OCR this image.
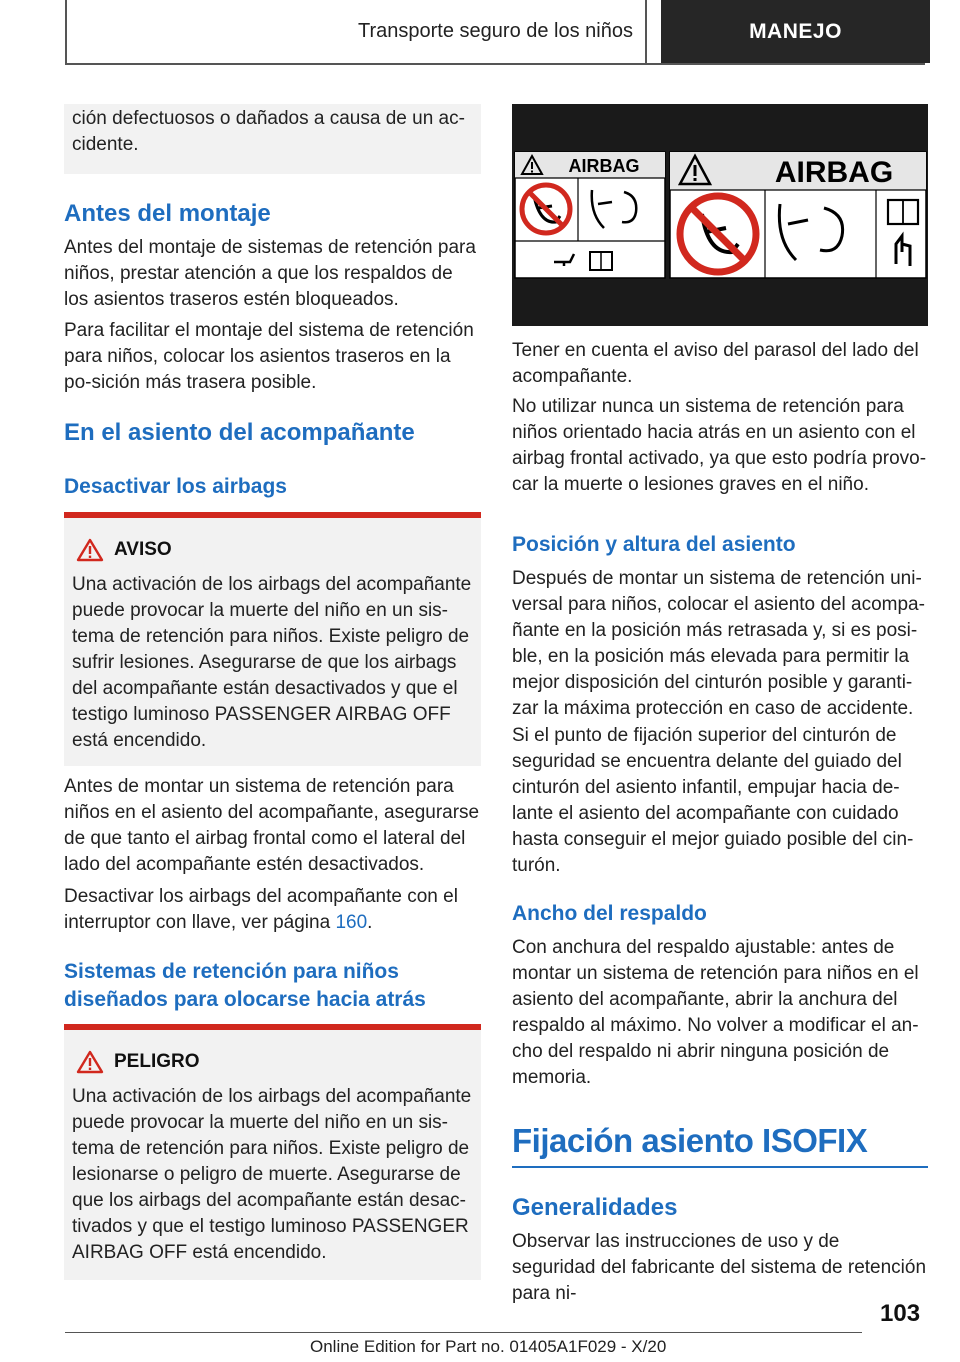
Transporte seguro de los niños	MANEJO

ción defectuosos o dañados a causa de un ac-
cidente.

Antes del montaje

Antes del montaje de sistemas de retención para niños, prestar atención a que los respaldos de los asientos traseros estén bloqueados.

Para facilitar el montaje del sistema de retención para niños, colocar los asientos traseros en la po-sición más trasera posible.

En el asiento del acompañante
Desactivar los airbags
AVISO

Una activación de los airbags del acompañante puede provocar la muerte del niño en un sis-tema de retención para niños. Existe peligro de sufrir lesiones. Asegurarse de que los airbags del acompañante están desactivados y que el testigo luminoso PASSENGER AIRBAG OFF está encendido.

Antes de montar un sistema de retención para niños en el asiento del acompañante, asegurarse de que tanto el airbag frontal como el lateral del lado del acompañante estén desactivados.

Desactivar los airbags del acompañante con el interruptor con llave, ver página 160.

Sistemas de retención para niños diseñados para olocarse hacia atrás
PELIGRO

Una activación de los airbags del acompañante puede provocar la muerte del niño en un sis-tema de retención para niños. Existe peligro de lesionarse o peligro de muerte. Asegurarse de que los airbags del acompañante están desac-tivados y que el testigo luminoso PASSENGER AIRBAG OFF está encendido.

AIRBAG	AIRBAG

Tener en cuenta el aviso del parasol del lado del acompañante.

No utilizar nunca un sistema de retención para niños orientado hacia atrás en un asiento con el airbag frontal activado, ya que esto podría provo-car la muerte o lesiones graves en el niño.

Posición y altura del asiento

Después de montar un sistema de retención uni-versal para niños, colocar el asiento del acompa-ñante en la posición más retrasada y, si es posi-ble, en la posición más elevada para permitir la mejor disposición del cinturón posible y garanti-zar la máxima protección en caso de accidente.

Si el punto de fijación superior del cinturón de seguridad se encuentra delante del guiado del cinturón del asiento infantil, empujar hacia de-lante el asiento del acompañante con cuidado hasta conseguir el mejor guiado posible del cin-turón.

Ancho del respaldo

Con anchura del respaldo ajustable: antes de montar un sistema de retención para niños en el asiento del acompañante, abrir la anchura del respaldo al máximo. No volver a modificar el an-cho del respaldo ni abrir ninguna posición de memoria.

Fijación asiento ISOFIX
Generalidades

Observar las instrucciones de uso y de seguridad del fabricante del sistema de retención para ni-

103
Online Edition for Part no. 01405A1F029 - X/20
